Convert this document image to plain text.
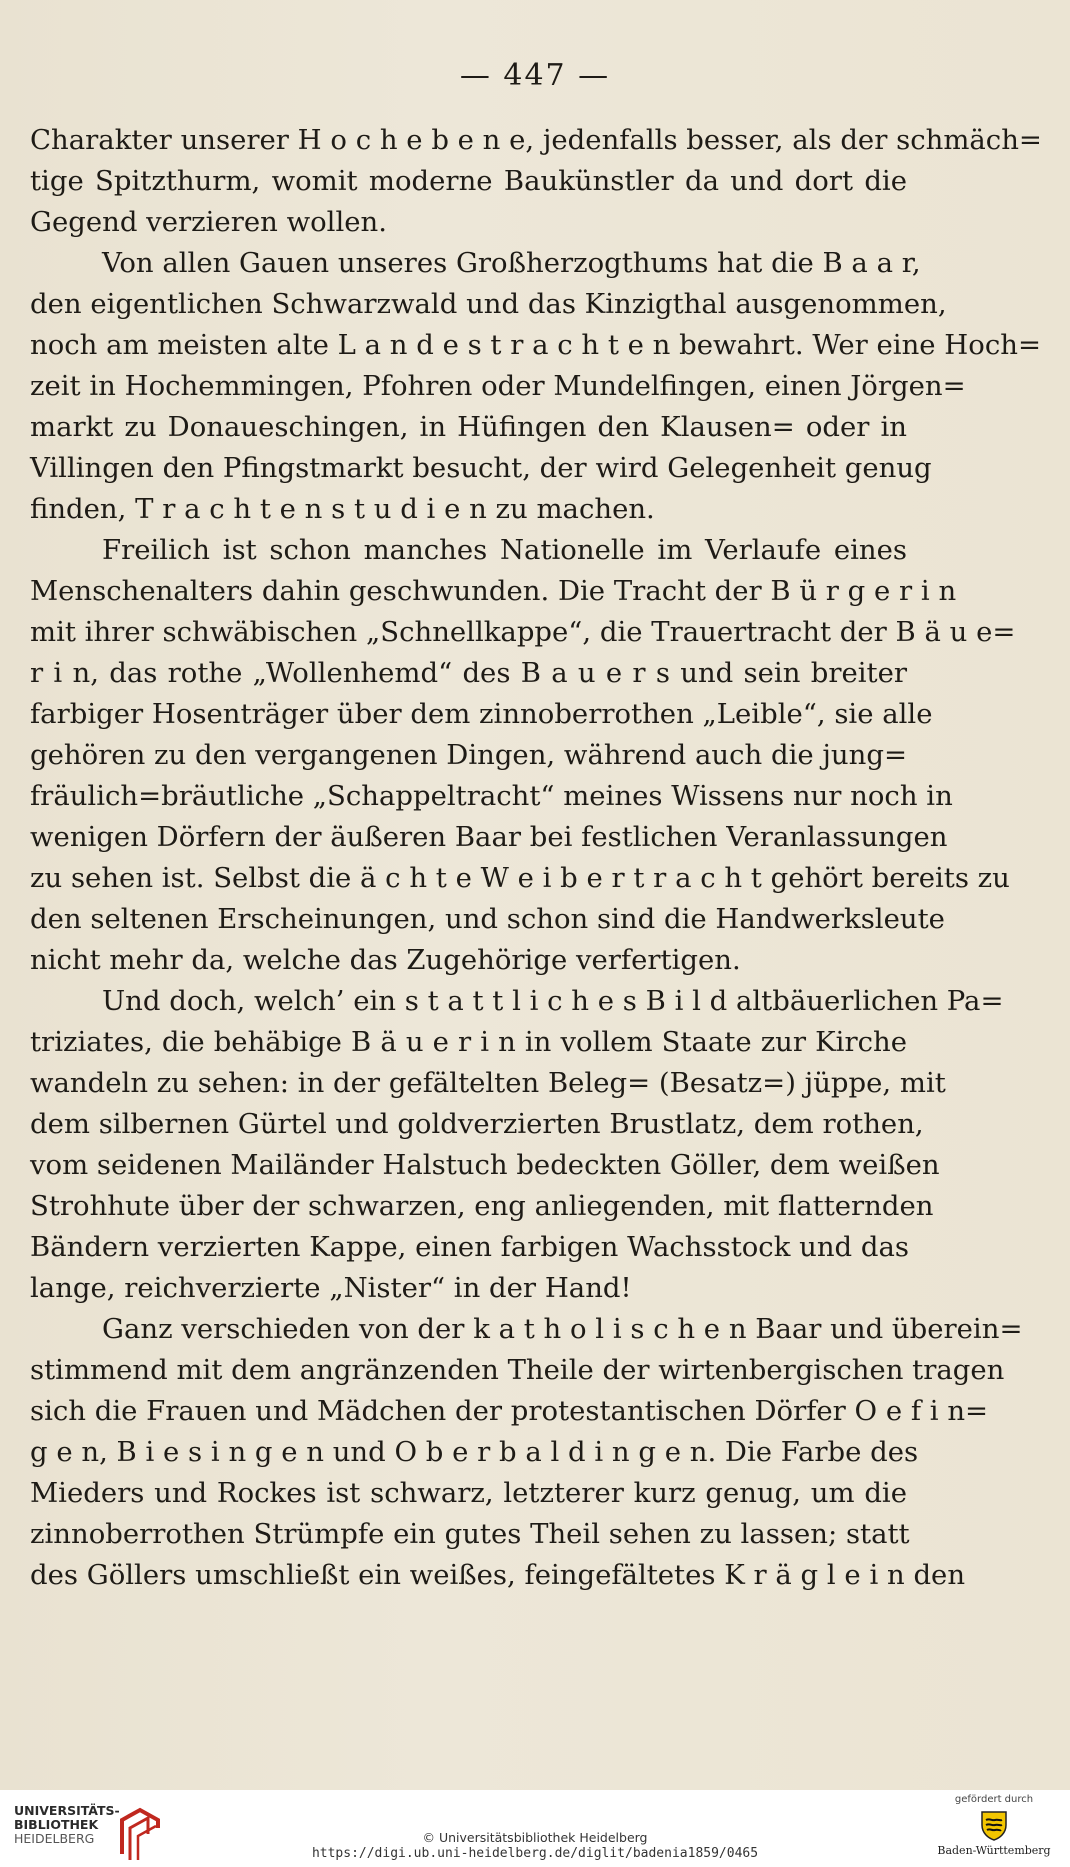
— 447 —
Charakter unserer H o c h e b e n e, jedenfalls besser, als der schmäch=
tige Spitzthurm, womit moderne Baukünstler da und dort die
Gegend verzieren wollen.
Von allen Gauen unseres Großherzogthums hat die B a a r,
den eigentlichen Schwarzwald und das Kinzigthal ausgenommen,
noch am meisten alte L a n d e s t r a c h t e n bewahrt. Wer eine Hoch=
zeit in Hochemmingen, Pfohren oder Mundelfingen, einen Jörgen=
markt zu Donaueschingen, in Hüfingen den Klausen= oder in
Villingen den Pfingstmarkt besucht, der wird Gelegenheit genug
finden, T r a c h t e n s t u d i e n zu machen.
Freilich ist schon manches Nationelle im Verlaufe eines
Menschenalters dahin geschwunden. Die Tracht der B ü r g e r i n
mit ihrer schwäbischen „Schnellkappe“, die Trauertracht der B ä u e=
r i n, das rothe „Wollenhemd“ des B a u e r s und sein breiter
farbiger Hosenträger über dem zinnoberrothen „Leible“, sie alle
gehören zu den vergangenen Dingen, während auch die jung=
fräulich=bräutliche „Schappeltracht“ meines Wissens nur noch in
wenigen Dörfern der äußeren Baar bei festlichen Veranlassungen
zu sehen ist. Selbst die ä c h t e W e i b e r t r a c h t gehört bereits zu
den seltenen Erscheinungen, und schon sind die Handwerksleute
nicht mehr da, welche das Zugehörige verfertigen.
Und doch, welch’ ein s t a t t l i c h e s B i l d altbäuerlichen Pa=
triziates, die behäbige B ä u e r i n in vollem Staate zur Kirche
wandeln zu sehen: in der gefältelten Beleg= (Besatz=) jüppe, mit
dem silbernen Gürtel und goldverzierten Brustlatz, dem rothen,
vom seidenen Mailänder Halstuch bedeckten Göller, dem weißen
Strohhute über der schwarzen, eng anliegenden, mit flatternden
Bändern verzierten Kappe, einen farbigen Wachsstock und das
lange, reichverzierte „Nister“ in der Hand!
Ganz verschieden von der k a t h o l i s c h e n Baar und überein=
stimmend mit dem angränzenden Theile der wirtenbergischen tragen
sich die Frauen und Mädchen der protestantischen Dörfer O e f i n=
g e n, B i e s i n g e n und O b e r b a l d i n g e n. Die Farbe des
Mieders und Rockes ist schwarz, letzterer kurz genug, um die
zinnoberrothen Strümpfe ein gutes Theil sehen zu lassen; statt
des Göllers umschließt ein weißes, feingefältetes K r ä g l e i n den
UNIVERSITÄTS-
BIBLIOTHEK
HEIDELBERG	© Universitätsbibliothek Heidelberg
https://digi.ub.uni-heidelberg.de/diglit/badenia1859/0465
gefördert durch
Baden-Württemberg
